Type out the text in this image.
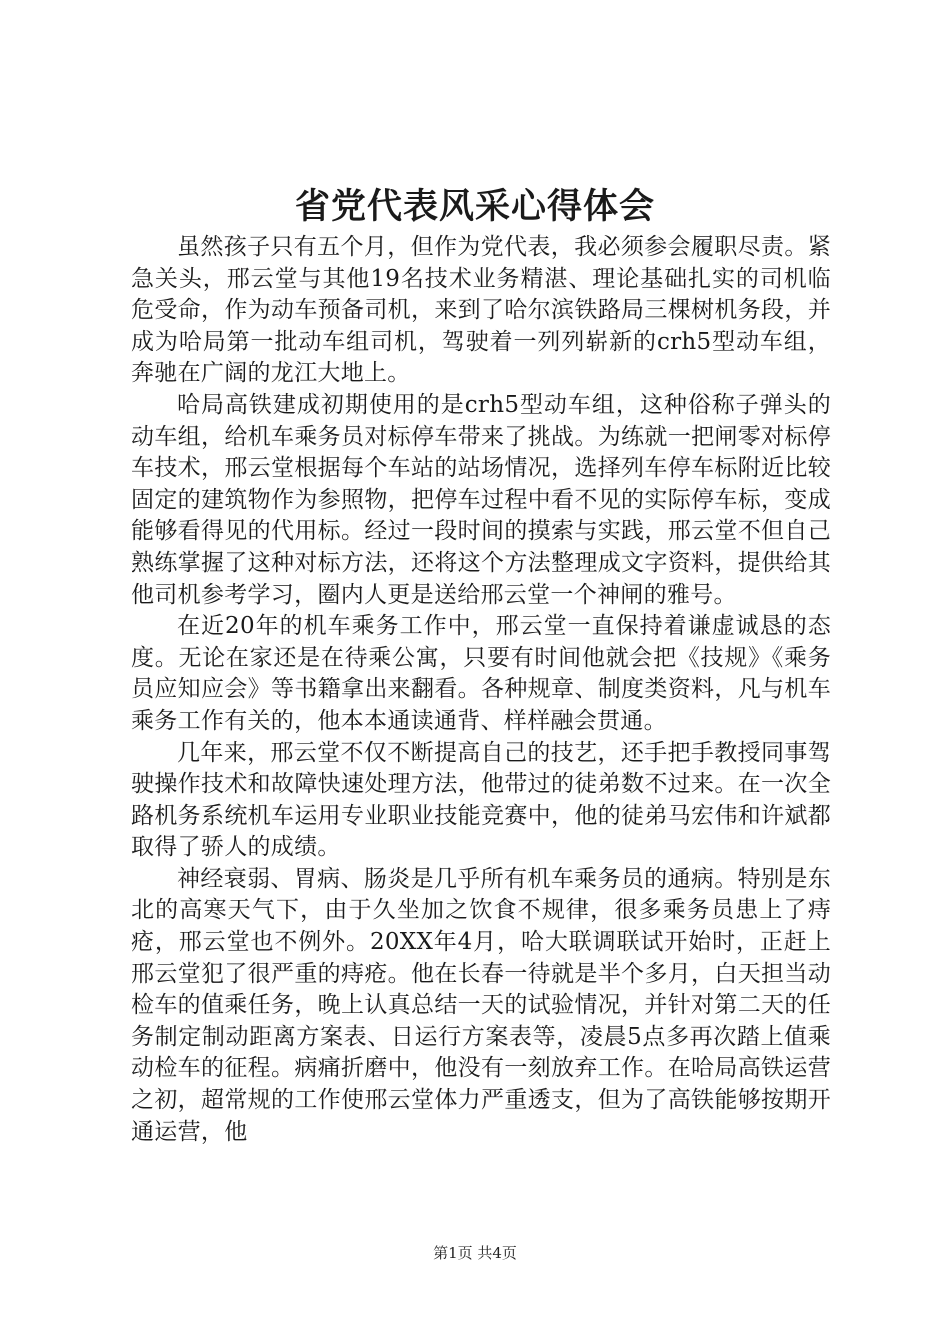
省党代表风采心得体会

虽然孩子只有五个月，但作为党代表，我必须参会履职尽责。紧急关头，邢云堂与其他19名技术业务精湛、理论基础扎实的司机临危受命，作为动车预备司机，来到了哈尔滨铁路局三棵树机务段，并成为哈局第一批动车组司机，驾驶着一列列崭新的crh5型动车组，奔驰在广阔的龙江大地上。

哈局高铁建成初期使用的是crh5型动车组，这种俗称子弹头的动车组，给机车乘务员对标停车带来了挑战。为练就一把闸零对标停车技术，邢云堂根据每个车站的站场情况，选择列车停车标附近比较固定的建筑物作为参照物，把停车过程中看不见的实际停车标，变成能够看得见的代用标。经过一段时间的摸索与实践，邢云堂不但自己熟练掌握了这种对标方法，还将这个方法整理成文字资料，提供给其他司机参考学习，圈内人更是送给邢云堂一个神闸的雅号。

在近20年的机车乘务工作中，邢云堂一直保持着谦虚诚恳的态度。无论在家还是在待乘公寓，只要有时间他就会把《技规》《乘务员应知应会》等书籍拿出来翻看。各种规章、制度类资料，凡与机车乘务工作有关的，他本本通读通背、样样融会贯通。

几年来，邢云堂不仅不断提高自己的技艺，还手把手教授同事驾驶操作技术和故障快速处理方法，他带过的徒弟数不过来。在一次全路机务系统机车运用专业职业技能竞赛中，他的徒弟马宏伟和许斌都取得了骄人的成绩。

神经衰弱、胃病、肠炎是几乎所有机车乘务员的通病。特别是东北的高寒天气下，由于久坐加之饮食不规律，很多乘务员患上了痔疮，邢云堂也不例外。20XX年4月，哈大联调联试开始时，正赶上邢云堂犯了很严重的痔疮。他在长春一待就是半个多月，白天担当动检车的值乘任务，晚上认真总结一天的试验情况，并针对第二天的任务制定制动距离方案表、日运行方案表等，凌晨5点多再次踏上值乘动检车的征程。病痛折磨中，他没有一刻放弃工作。在哈局高铁运营之初，超常规的工作使邢云堂体力严重透支，但为了高铁能够按期开通运营，他

第1页 共4页
